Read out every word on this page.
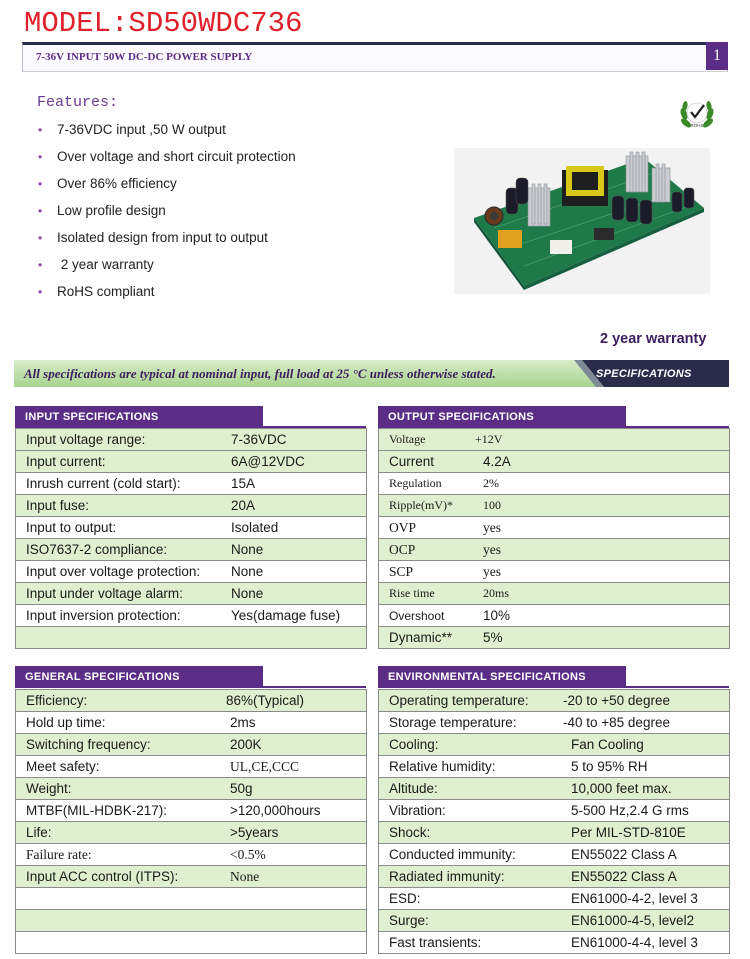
MODEL:SD50WDC736
7-36V INPUT 50W DC-DC POWER SUPPLY	1
Features:
• 7-36VDC input ,50 W output
• Over voltage and short circuit protection
• Over 86% efficiency
• Low profile design
• Isolated design from input to output
• 2 year warranty
• RoHS compliant
ROHS
2 year warranty
All specifications are typical at nominal input, full load at 25 °C unless otherwise stated.	SPECIFICATIONS
INPUT SPECIFICATIONS
Input voltage range:	7-36VDC

Input current:	6A@12VDC

Inrush current (cold start):	15A

Input fuse:	20A

Input to output:	Isolated

ISO7637-2 compliance:	None

Input over voltage protection: None

Input under voltage alarm:	None

Input inversion protection:	Yes(damage fuse)

OUTPUT SPECIFICATIONS
Voltage	+12V

Current	4.2A

Regulation	2%

Ripple(mV)*	100

OVP	yes

OCP	yes

SCP	yes

Rise time	20ms

Overshoot	10%

Dynamic** 5%
GENERAL SPECIFICATIONS
Efficiency:	86%(Typical)

Hold up time:	2ms

Switching frequency:	200K

Meet safety:	UL,CE,CCC

Weight:	50g

MTBF(MIL-HDBK-217):	>120,000hours

Life:	>5years

Failure rate:	<0.5%

Input ACC control (ITPS):	None

ENVIRONMENTAL SPECIFICATIONS
Operating temperature:	-20 to +50 degree

Storage temperature:	-40 to +85 degree

Cooling:	Fan Cooling

Relative humidity:	5 to 95% RH

Altitude:	10,000 feet max.

Vibration:	5-500 Hz,2.4 G rms

Shock:	Per MIL-STD-810E

Conducted immunity:	EN55022 Class A

Radiated immunity:	EN55022 Class A

ESD:	EN61000-4-2, level 3

Surge:	EN61000-4-5, level2

Fast transients:	EN61000-4-4, level 3
